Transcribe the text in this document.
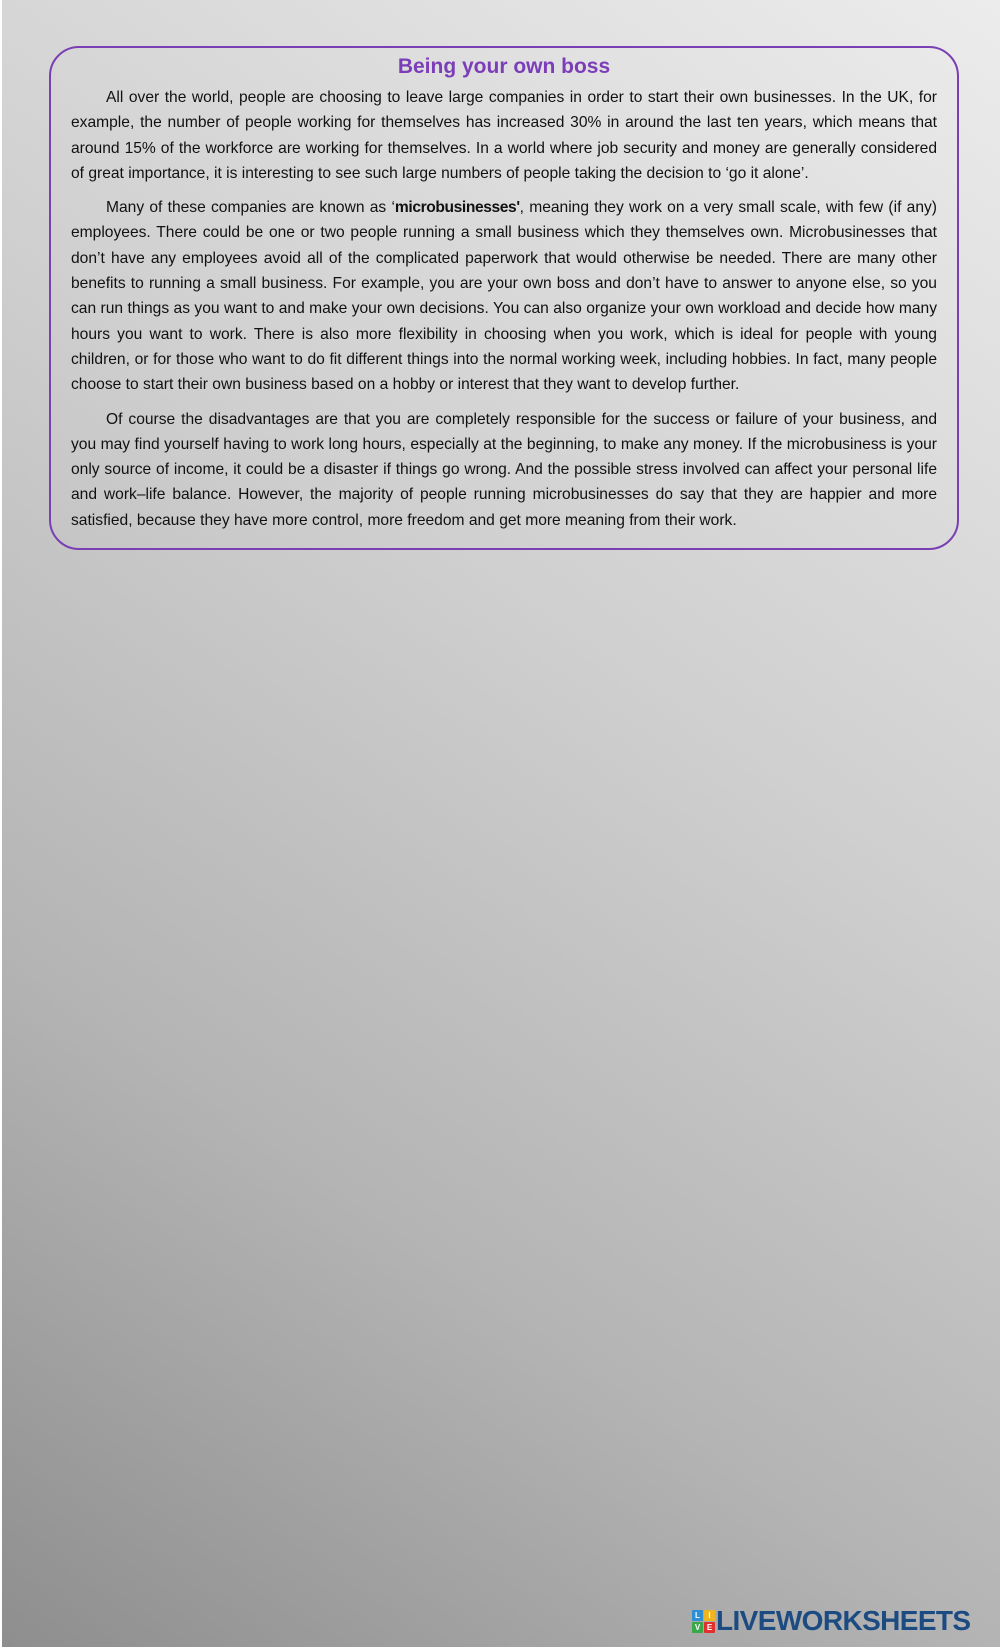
Being your own boss

All over the world, people are choosing to leave large companies in order to start their own businesses. In the UK, for example, the number of people working for themselves has increased 30% in around the last ten years, which means that around 15% of the workforce are working for themselves. In a world where job security and money are generally considered of great importance, it is interesting to see such large numbers of people taking the decision to ‘go it alone’.

Many of these companies are known as ‘microbusinesses', meaning they work on a very small scale, with few (if any) employees. There could be one or two people running a small business which they themselves own. Microbusinesses that don’t have any employees avoid all of the complicated paperwork that would otherwise be needed. There are many other benefits to running a small business. For example, you are your own boss and don’t have to answer to anyone else, so you can run things as you want to and make your own decisions. You can also organize your own workload and decide how many hours you want to work. There is also more flexibility in choosing when you work, which is ideal for people with young children, or for those who want to do fit different things into the normal working week, including hobbies. In fact, many people choose to start their own business based on a hobby or interest that they want to develop further.

Of course the disadvantages are that you are completely responsible for the success or failure of your business, and you may find yourself having to work long hours, especially at the beginning, to make any money. If the microbusiness is your only source of income, it could be a disaster if things go wrong. And the possible stress involved can affect your personal life and work–life balance. However, the majority of people running microbusinesses do say that they are happier and more satisfied, because they have more control, more freedom and get more meaning from their work.

L	I
V E LIVEWORKSHEETS
